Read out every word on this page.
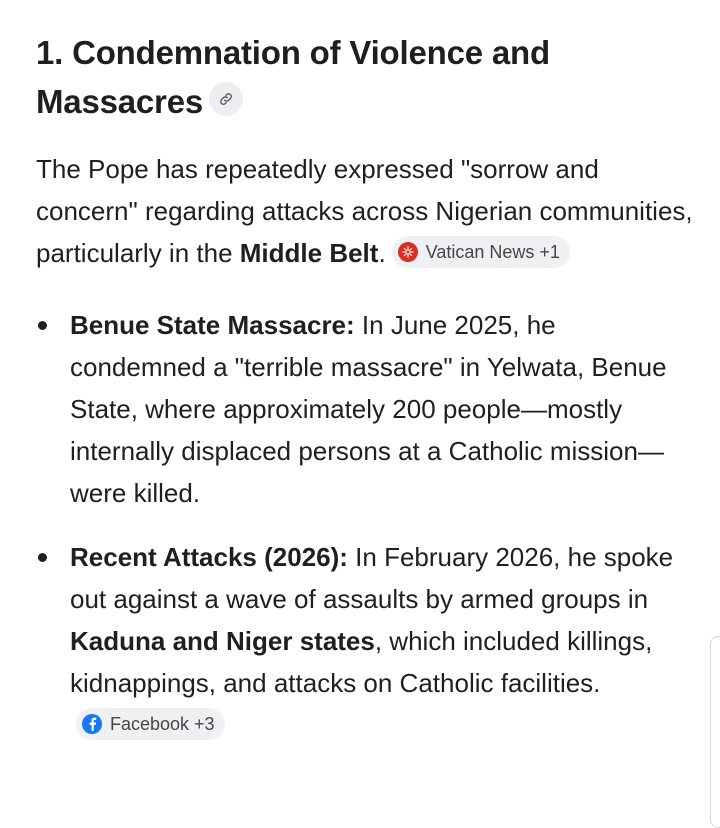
1. Condemnation of Violence and Massacres

The Pope has repeatedly expressed "sorrow and concern" regarding attacks across Nigerian communities, particularly in the Middle Belt. Vatican News +1

Benue State Massacre: In June 2025, he condemned a "terrible massacre" in Yelwata, Benue State, where approximately 200 people—mostly internally displaced persons at a Catholic mission—were killed.
Recent Attacks (2026): In February 2026, he spoke out against a wave of assaults by armed groups in Kaduna and Niger states, which included killings, kidnappings, and attacks on Catholic facilities.
Facebook +3
